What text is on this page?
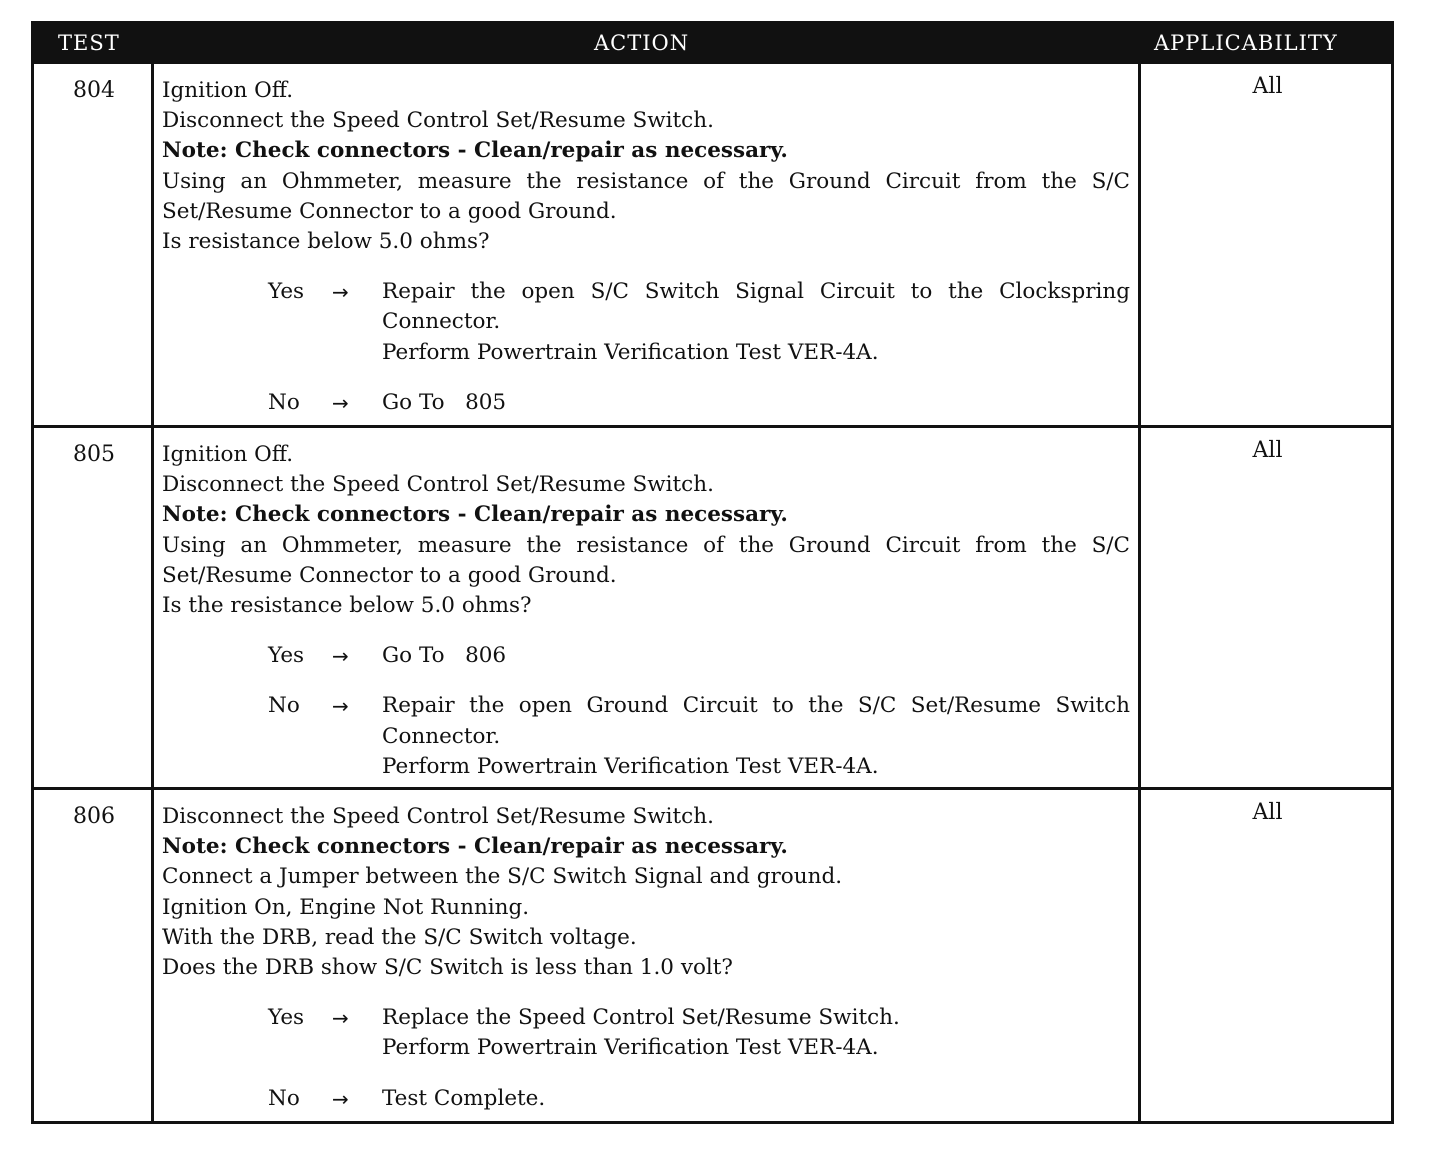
TEST	ACTION	APPLICABILITY
804	Ignition Off.
Disconnect the Speed Control Set/Resume Switch.
Note: Check connectors - Clean/repair as necessary.
Using an Ohmmeter, measure the resistance of the Ground Circuit from the S/C
Set/Resume Connector to a good Ground.
Is resistance below 5.0 ohms?
Yes → Repair the open S/C Switch Signal Circuit to the Clockspring
Connector.
Perform Powertrain Verification Test VER-4A.
No → Go To   805
All
805	Ignition Off.
Disconnect the Speed Control Set/Resume Switch.
Note: Check connectors - Clean/repair as necessary.
Using an Ohmmeter, measure the resistance of the Ground Circuit from the S/C
Set/Resume Connector to a good Ground.
Is the resistance below 5.0 ohms?
Yes → Go To   806
No → Repair the open Ground Circuit to the S/C Set/Resume Switch
Connector.
Perform Powertrain Verification Test VER-4A.
All
806	Disconnect the Speed Control Set/Resume Switch.
Note: Check connectors - Clean/repair as necessary.
Connect a Jumper between the S/C Switch Signal and ground.
Ignition On, Engine Not Running.
With the DRB, read the S/C Switch voltage.
Does the DRB show S/C Switch is less than 1.0 volt?
Yes → Replace the Speed Control Set/Resume Switch.
Perform Powertrain Verification Test VER-4A.
No → Test Complete.
All
